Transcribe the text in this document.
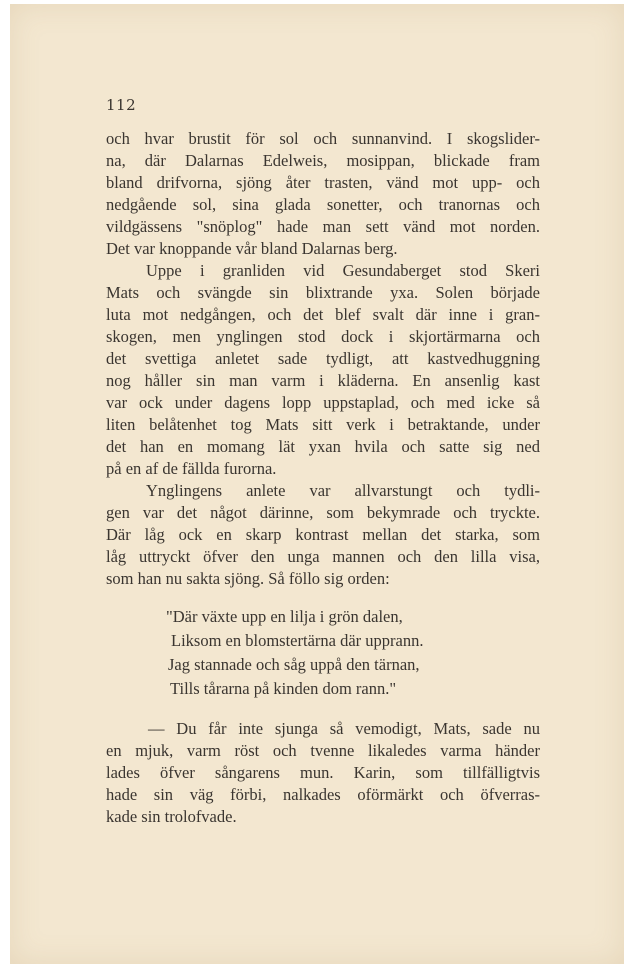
112
och hvar brustit för sol och sunnanvind. I skogslider-
na, där Dalarnas Edelweis, mosippan, blickade fram
bland drifvorna, sjöng åter trasten, vänd mot upp- och
nedgående sol, sina glada sonetter, och tranornas och
vildgässens "snöplog" hade man sett vänd mot norden.
Det var knoppande vår bland Dalarnas berg.
Uppe i granliden vid Gesundaberget stod Skeri
Mats och svängde sin blixtrande yxa. Solen började
luta mot nedgången, och det blef svalt där inne i gran-
skogen, men ynglingen stod dock i skjortärmarna och
det svettiga anletet sade tydligt, att kastvedhuggning
nog håller sin man varm i kläderna. En ansenlig kast
var ock under dagens lopp uppstaplad, och med icke så
liten belåtenhet tog Mats sitt verk i betraktande, under
det han en momang lät yxan hvila och satte sig ned
på en af de fällda furorna.
Ynglingens anlete var allvarstungt och tydli-
gen var det något därinne, som bekymrade och tryckte.
Där låg ock en skarp kontrast mellan det starka, som
låg uttryckt öfver den unga mannen och den lilla visa,
som han nu sakta sjöng. Så föllo sig orden:
"Där växte upp en lilja i grön dalen,
Liksom en blomstertärna där upprann.
Jag stannade och såg uppå den tärnan,
Tills tårarna på kinden dom rann."
— Du får inte sjunga så vemodigt, Mats, sade nu
en mjuk, varm röst och tvenne likaledes varma händer
lades öfver sångarens mun. Karin, som tillfälligtvis
hade sin väg förbi, nalkades oförmärkt och öfverras-
kade sin trolofvade.
